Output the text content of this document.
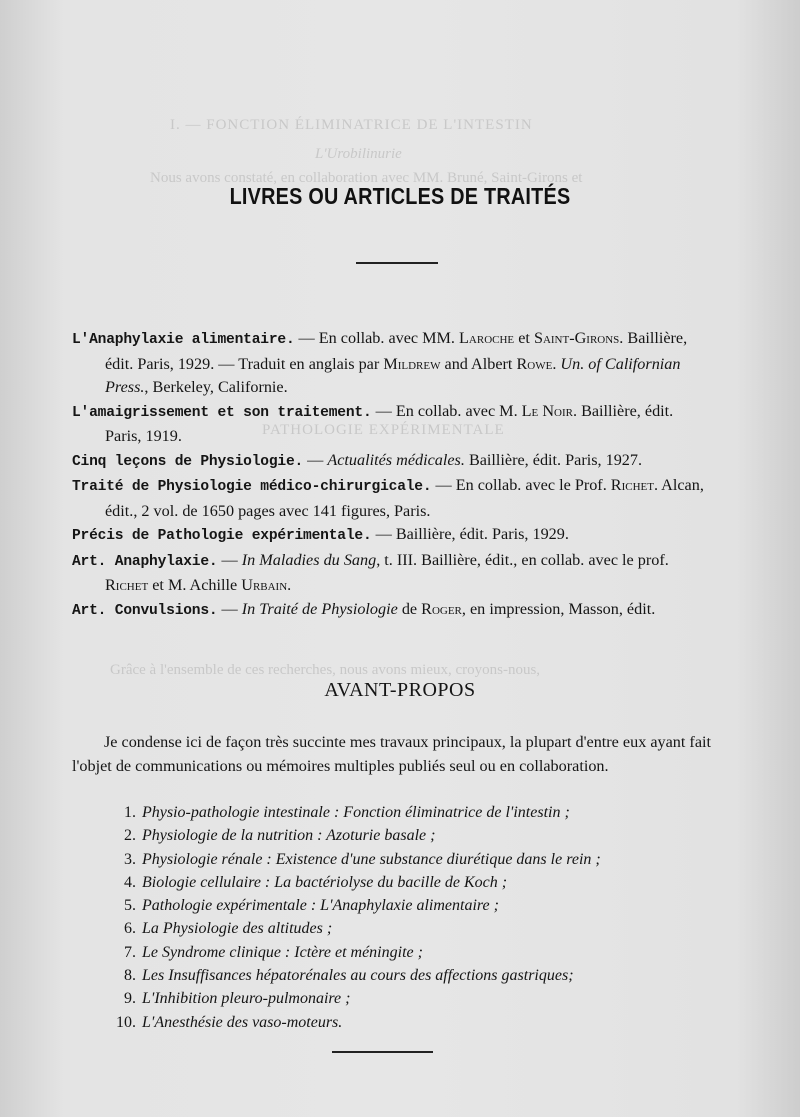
I. — FONCTION ÉLIMINATRICE DE L'INTESTIN
L'Urobilinurie
Nous avons constaté, en collaboration avec MM. Bruné, Saint-Girons et
PATHOLOGIE EXPÉRIMENTALE
Grâce à l'ensemble de ces recherches, nous avons mieux, croyons-nous,
LIVRES OU ARTICLES DE TRAITÉS

L'Anaphylaxie alimentaire. — En collab. avec MM. Laroche et Saint-Girons. Baillière, édit. Paris, 1929. — Traduit en anglais par Mildrew and Albert Rowe. Un. of Californian Press., Berkeley, Californie.

L'amaigrissement et son traitement. — En collab. avec M. Le Noir. Baillière, édit. Paris, 1919.

Cinq leçons de Physiologie. — Actualités médicales. Baillière, édit. Paris, 1927.

Traité de Physiologie médico-chirurgicale. — En collab. avec le Prof. Richet. Alcan, édit., 2 vol. de 1650 pages avec 141 figures, Paris.

Précis de Pathologie expérimentale. — Baillière, édit. Paris, 1929.

Art. Anaphylaxie. — In Maladies du Sang, t. III. Baillière, édit., en collab. avec le prof. Richet et M. Achille Urbain.

Art. Convulsions. — In Traité de Physiologie de Roger, en impression, Masson, édit.

AVANT-PROPOS

Je condense ici de façon très succinte mes travaux principaux, la plupart d'entre eux ayant fait l'objet de communications ou mémoires multiples publiés seul ou en collaboration.

1. Physio-pathologie intestinale : Fonction éliminatrice de l'intestin ;
2. Physiologie de la nutrition : Azoturie basale ;
3. Physiologie rénale : Existence d'une substance diurétique dans le rein ;
4. Biologie cellulaire : La bactériolyse du bacille de Koch ;
5. Pathologie expérimentale : L'Anaphylaxie alimentaire ;
6. La Physiologie des altitudes ;
7. Le Syndrome clinique : Ictère et méningite ;
8. Les Insuffisances hépatorénales au cours des affections gastriques;
9. L'Inhibition pleuro-pulmonaire ;
10. L'Anesthésie des vaso-moteurs.
